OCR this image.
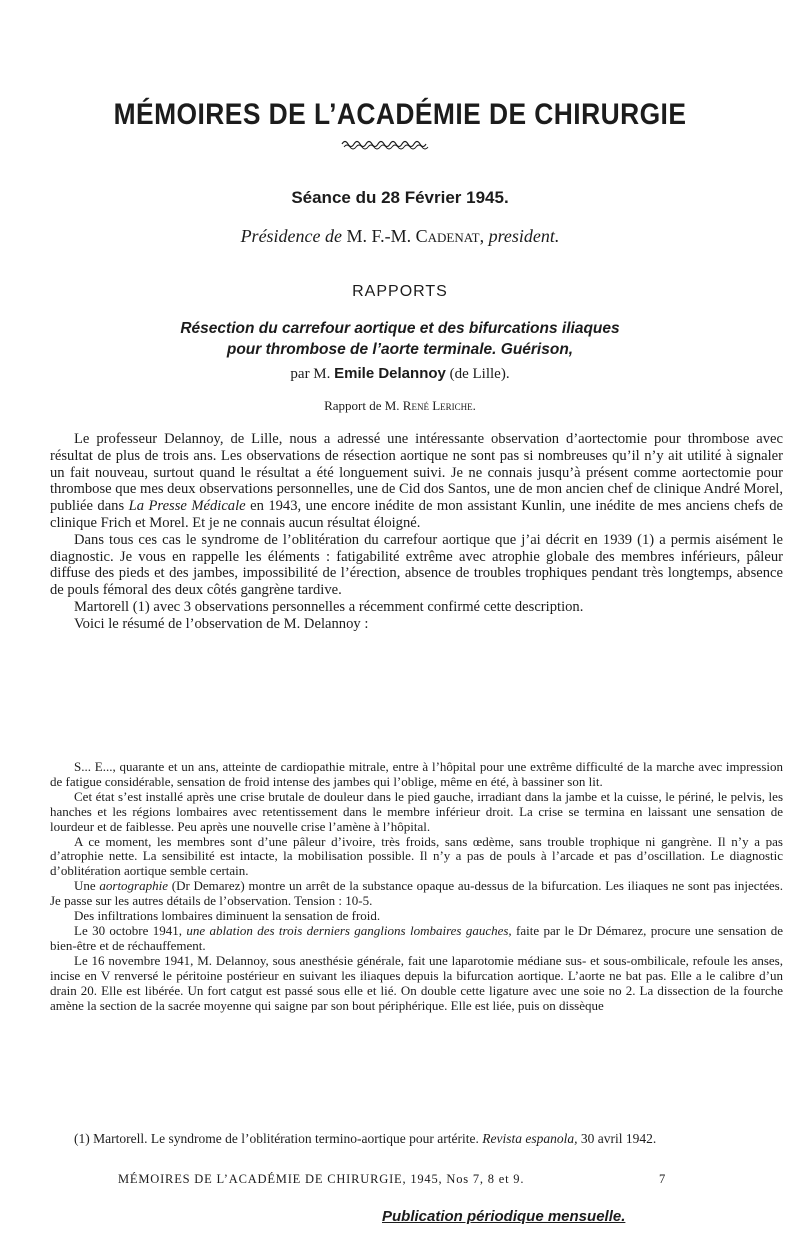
MÉMOIRES DE L’ACADÉMIE DE CHIRURGIE
Séance du 28 Février 1945.
Présidence de M. F.-M. Cadenat, president.
RAPPORTS
Résection du carrefour aortique et des bifurcations iliaques
pour thrombose de l’aorte terminale. Guérison,
par M. Emile Delannoy (de Lille).
Rapport de M. René Leriche.

Le professeur Delannoy, de Lille, nous a adressé une intéressante observation d’aortectomie pour thrombose avec résultat de plus de trois ans. Les observations de résection aortique ne sont pas si nombreuses qu’il n’y ait utilité à signaler un fait nouveau, surtout quand le résultat a été longuement suivi. Je ne connais jusqu’à présent comme aortectomie pour thrombose que mes deux observations personnelles, une de Cid dos Santos, une de mon ancien chef de clinique André Morel, publiée dans La Presse Médicale en 1943, une encore inédite de mon assistant Kunlin, une inédite de mes anciens chefs de clinique Frich et Morel. Et je ne connais aucun résultat éloigné.

Dans tous ces cas le syndrome de l’oblitération du carrefour aortique que j’ai décrit en 1939 (1) a permis aisément le diagnostic. Je vous en rappelle les éléments : fatigabilité extrême avec atrophie globale des membres inférieurs, pâleur diffuse des pieds et des jambes, impossibilité de l’érection, absence de troubles trophiques pendant très longtemps, absence de pouls fémoral des deux côtés gangrène tardive.

Martorell (1) avec 3 observations personnelles a récemment confirmé cette description.

Voici le résumé de l’observation de M. Delannoy :

S... E..., quarante et un ans, atteinte de cardiopathie mitrale, entre à l’hôpital pour une extrême difficulté de la marche avec impression de fatigue considérable, sensation de froid intense des jambes qui l’oblige, même en été, à bassiner son lit.

Cet état s’est installé après une crise brutale de douleur dans le pied gauche, irradiant dans la jambe et la cuisse, le périné, le pelvis, les hanches et les régions lombaires avec retentissement dans le membre inférieur droit. La crise se termina en laissant une sensation de lourdeur et de faiblesse. Peu après une nouvelle crise l’amène à l’hôpital.

A ce moment, les membres sont d’une pâleur d’ivoire, très froids, sans œdème, sans trouble trophique ni gangrène. Il n’y a pas d’atrophie nette. La sensibilité est intacte, la mobilisation possible. Il n’y a pas de pouls à l’arcade et pas d’oscillation. Le diagnostic d’oblitération aortique semble certain.

Une aortographie (Dr Demarez) montre un arrêt de la substance opaque au-dessus de la bifurcation. Les iliaques ne sont pas injectées. Je passe sur les autres détails de l’observation. Tension : 10-5.

Des infiltrations lombaires diminuent la sensation de froid.

Le 30 octobre 1941, une ablation des trois derniers ganglions lombaires gauches, faite par le Dr Démarez, procure une sensation de bien-être et de réchauffement.

Le 16 novembre 1941, M. Delannoy, sous anesthésie générale, fait une laparotomie médiane sus- et sous-ombilicale, refoule les anses, incise en V renversé le péritoine postérieur en suivant les iliaques depuis la bifurcation aortique. L’aorte ne bat pas. Elle a le calibre d’un drain 20. Elle est libérée. Un fort catgut est passé sous elle et lié. On double cette ligature avec une soie no 2. La dissection de la fourche amène la section de la sacrée moyenne qui saigne par son bout périphérique. Elle est liée, puis on dissèque

(1) Martorell. Le syndrome de l’oblitération termino-aortique pour artérite. Revista espanola, 30 avril 1942.

MÉMOIRES DE L’ACADÉMIE DE CHIRURGIE, 1945, Nos 7, 8 et 9.	7
Publication périodique mensuelle.
